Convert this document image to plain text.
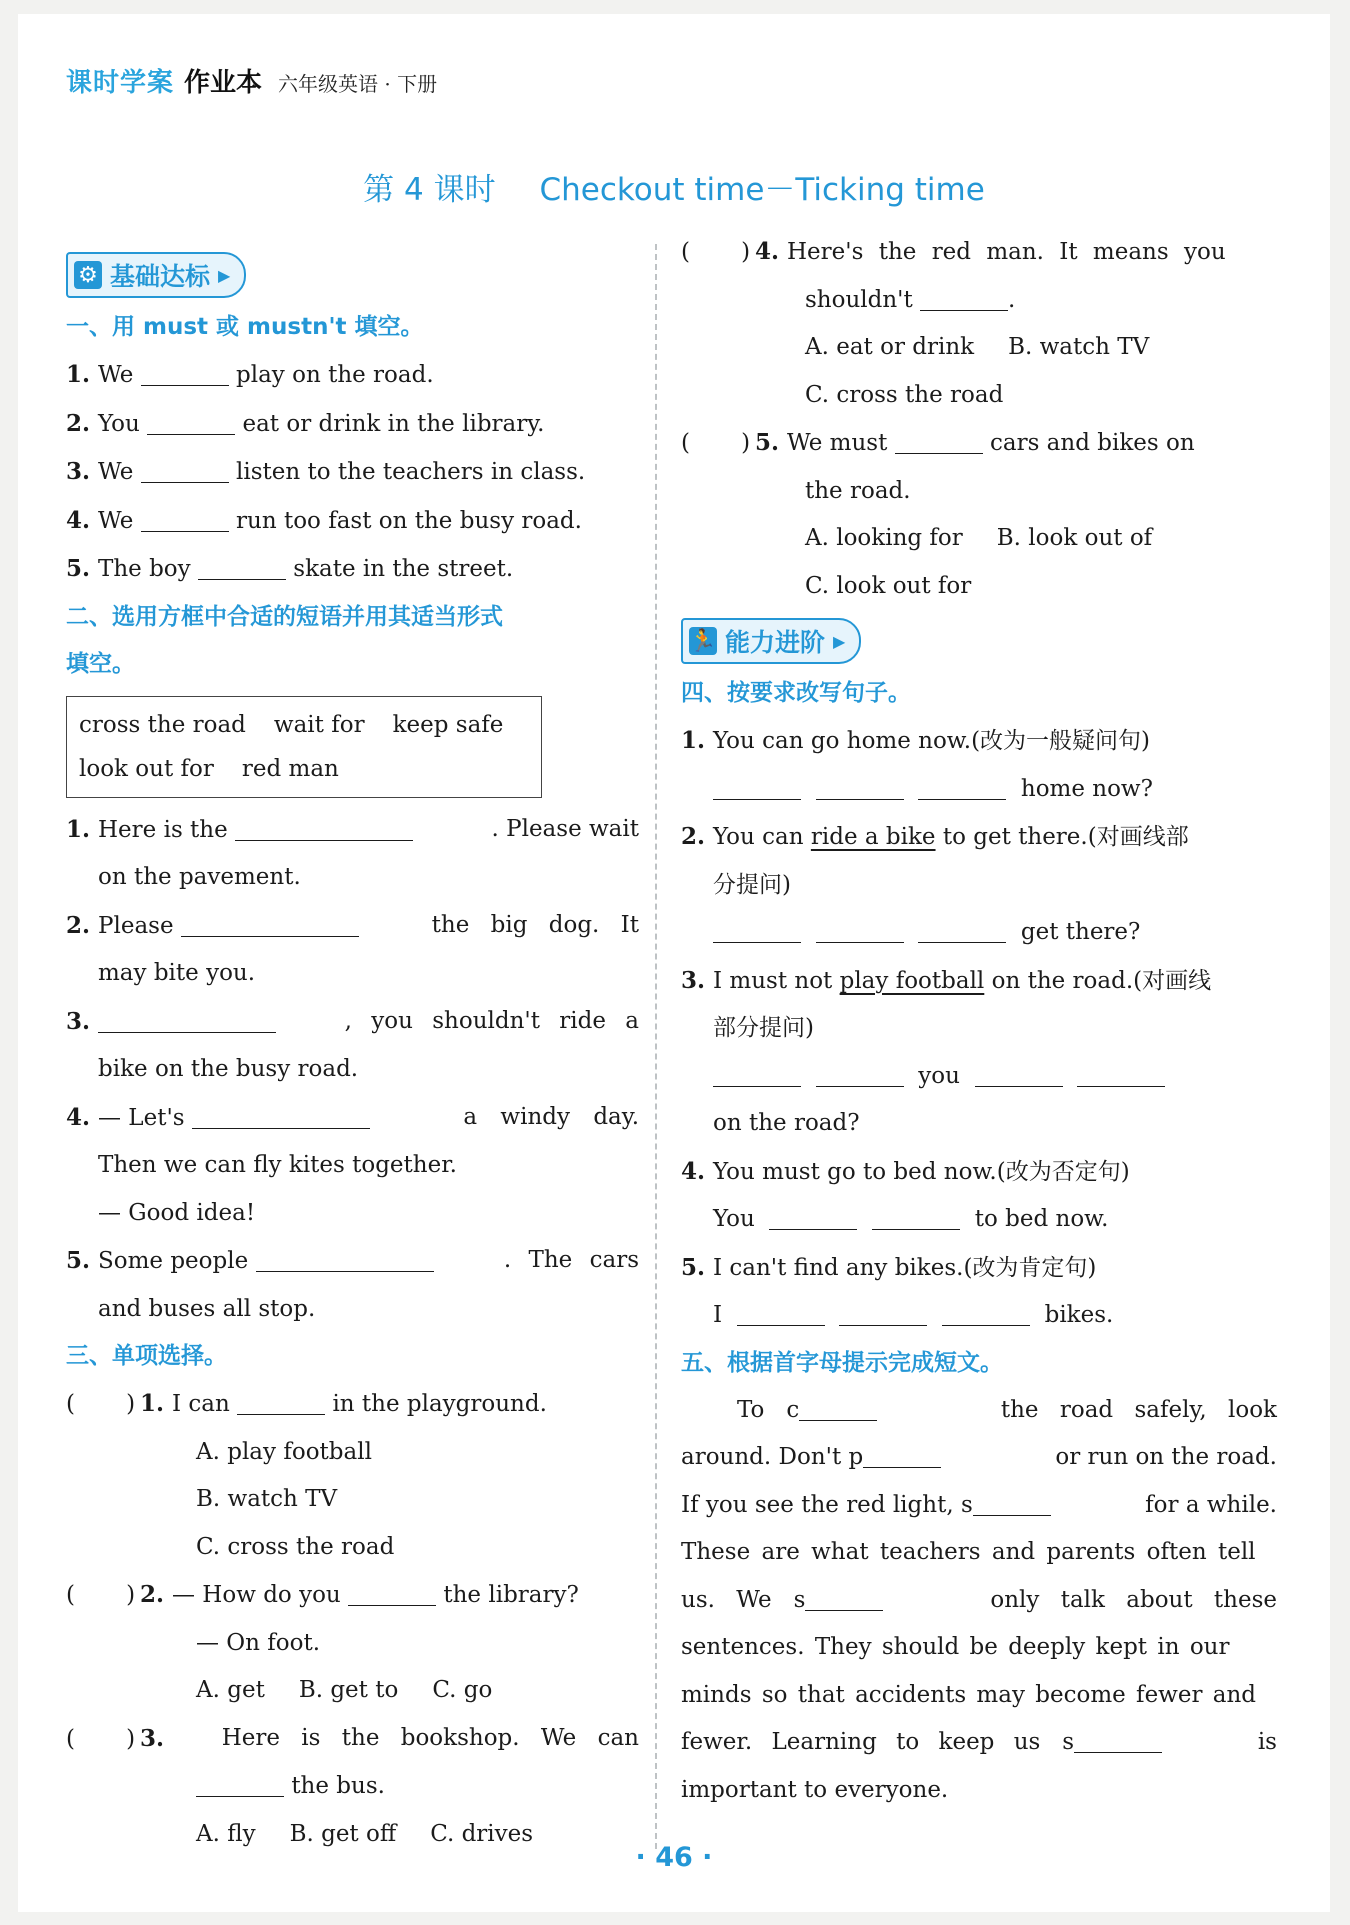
课时学案 作业本 六年级英语 · 下册
第 4 课时 Checkout time－Ticking time
⚙ 基础达标 ▶

一、用 must 或 mustn't 填空。

1. We	play on the road.

2. You	eat or drink in the library.

3. We	listen to the teachers in class.

4. We	run too fast on the busy road.

5. The boy	skate in the street.

二、选用方框中合适的短语并用其适当形式

填空。

cross the road wait for keep safe

look out for red man

1. Here is the	. Please wait

on the pavement.

2. Please	the big dog. It

may bite you.

3.	, you shouldn't ride a

bike on the busy road.

4. — Let's	a windy day.

Then we can fly kites together.

— Good idea!

5. Some people	. The cars

and buses all stop.

三、单项选择。

( ) 1. I can	in the playground.

A. play football

B. watch TV

C. cross the road

( ) 2. — How do you	the library?

— On foot.

A. get B. get to C. go

( ) 3.	Here is the bookshop. We can

the bus.

A. fly B. get off C. drives

( ) 4. Here's the red man. It means you

shouldn't	.

A. eat or drink B. watch TV

C. cross the road

( ) 5. We must	cars and bikes on

the road.

A. looking for B. look out of

C. look out for

🏃 能力进阶 ▶

四、按要求改写句子。

1. You can go home now.(改为一般疑问句)

home now?

2. You can ride a bike to get there.(对画线部

分提问)

get there?

3. I must not play football on the road.(对画线

部分提问)

you

on the road?

4. You must go to bed now.(改为否定句)

You	to bed now.

5. I can't find any bikes.(改为肯定句)

I	bikes.

五、根据首字母提示完成短文。

To c	the road safely, look

around. Don't p	or run on the road.

If you see the red light, s	for a while.

These are what teachers and parents often tell

us. We s	only talk about these

sentences. They should be deeply kept in our

minds so that accidents may become fewer and

fewer. Learning to keep us s	is

important to everyone.

· 46 ·
